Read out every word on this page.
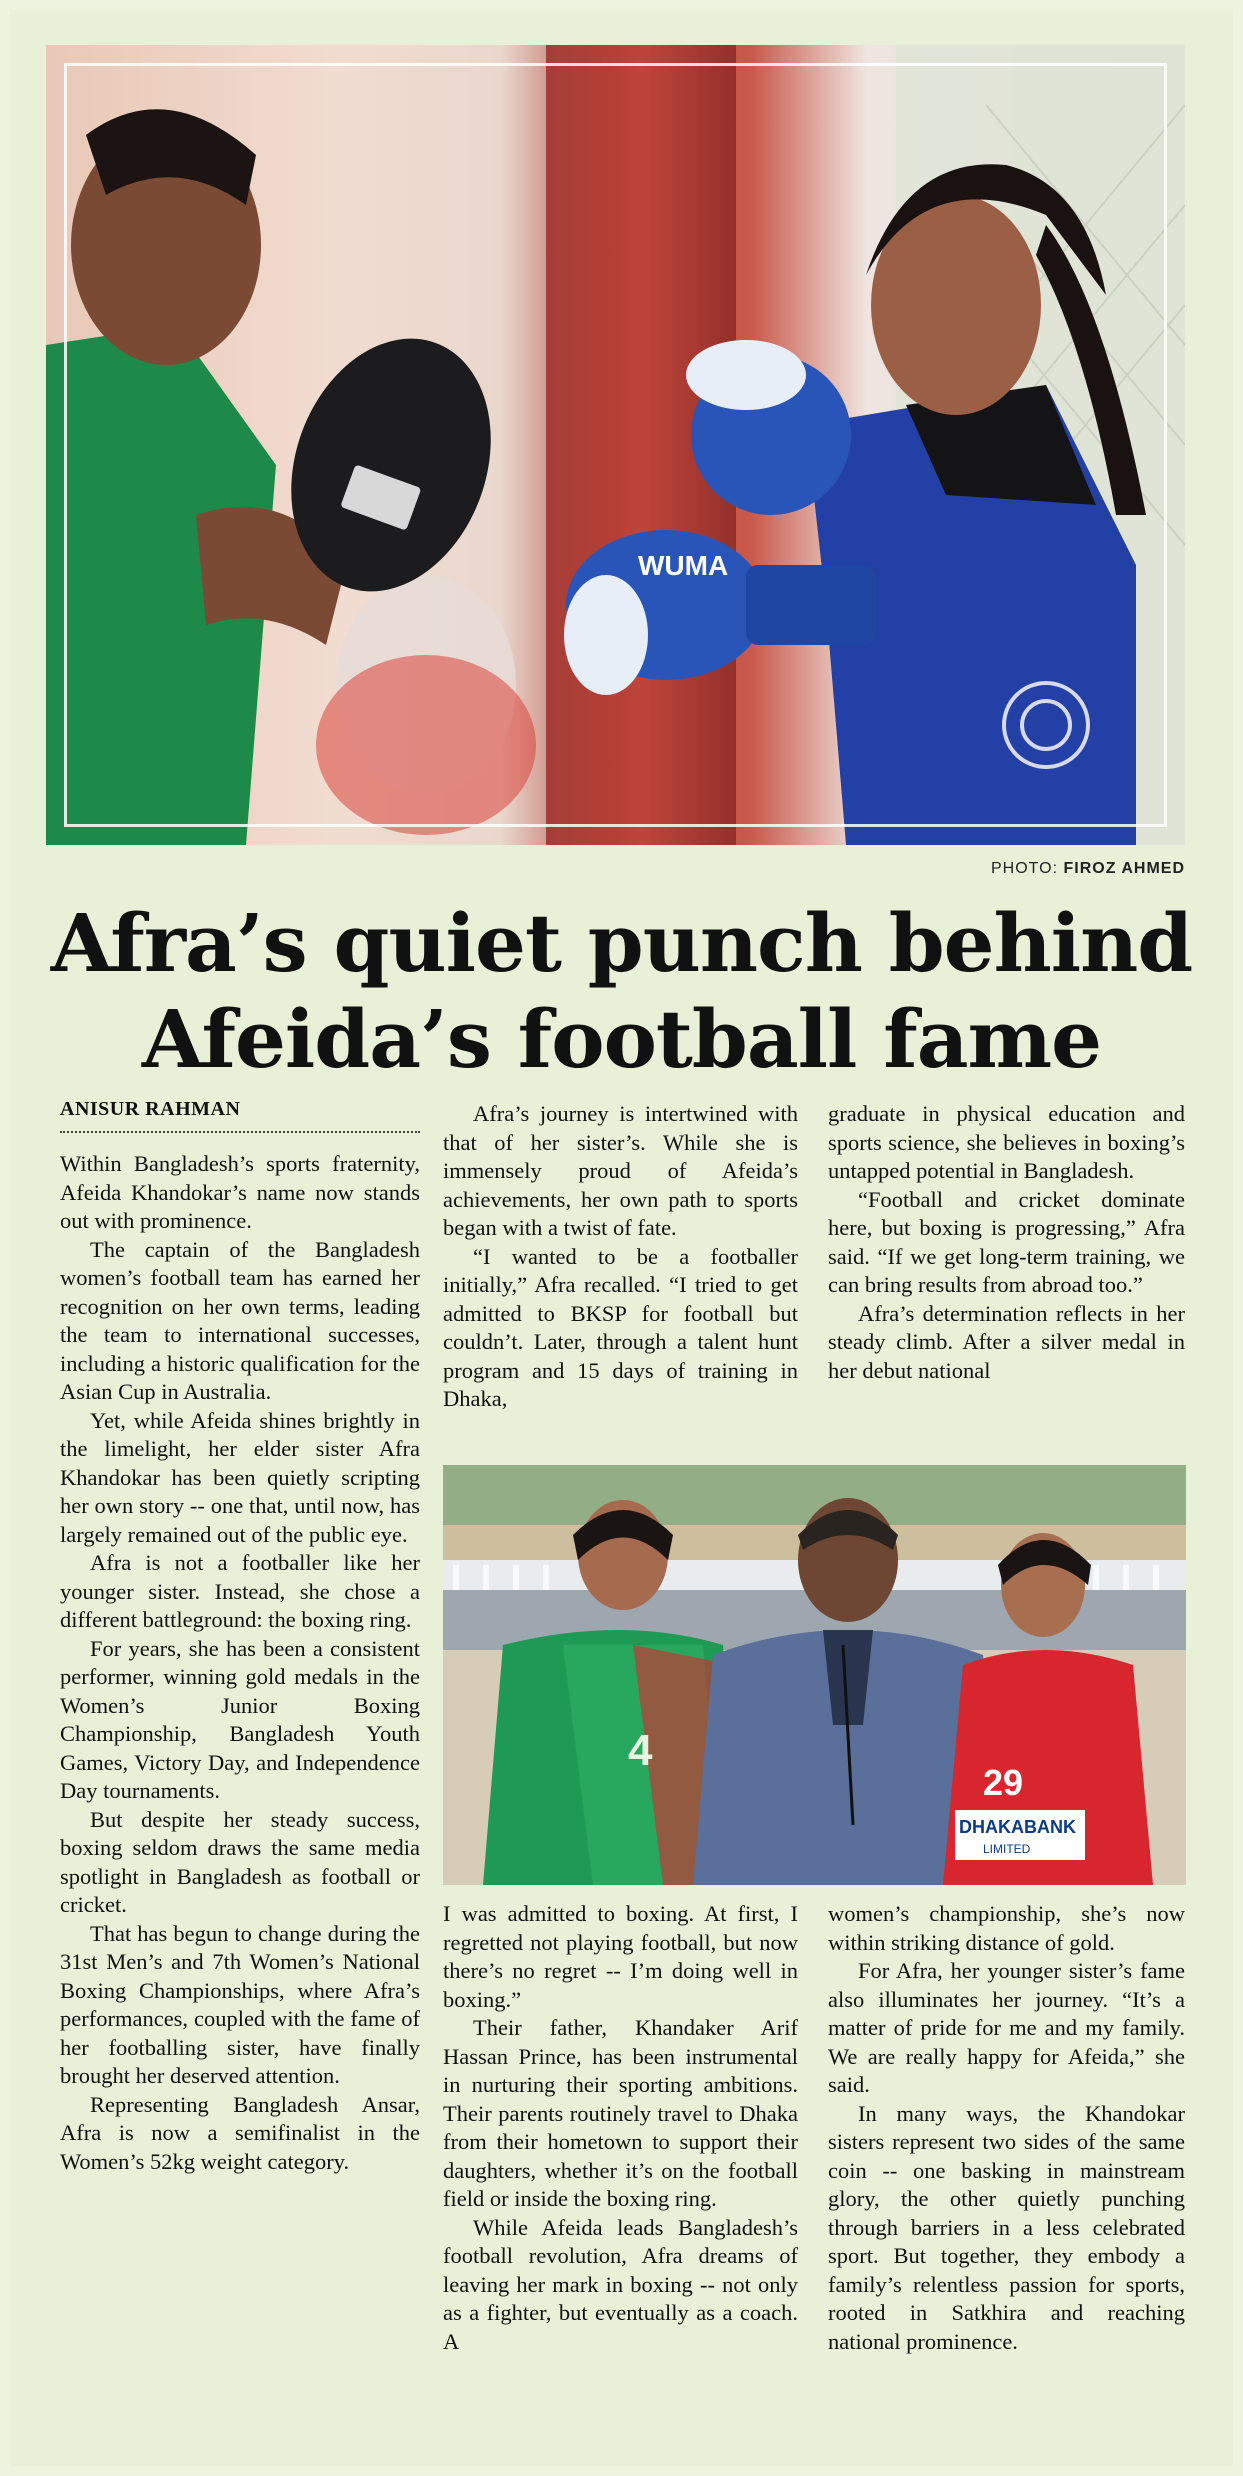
WUMA
PHOTO: FIROZ AHMED
Afra’s quiet punch behind
Afeida’s football fame
ANISUR RAHMAN

Within Bangladesh’s sports fraternity, Afeida Khandokar’s name now stands out with prominence.

The captain of the Bangladesh women’s football team has earned her recognition on her own terms, leading the team to international successes, including a historic qualification for the Asian Cup in Australia.

Yet, while Afeida shines brightly in the limelight, her elder sister Afra Khandokar has been quietly scripting her own story -- one that, until now, has largely remained out of the public eye.

Afra is not a footballer like her younger sister. Instead, she chose a different battleground: the boxing ring.

For years, she has been a consistent performer, winning gold medals in the Women’s Junior Boxing Championship, Bangladesh Youth Games, Victory Day, and Independence Day tournaments.

But despite her steady success, boxing seldom draws the same media spotlight in Bangladesh as football or cricket.

That has begun to change during the 31st Men’s and 7th Women’s National Boxing Championships, where Afra’s performances, coupled with the fame of her footballing sister, have finally brought her deserved attention.

Representing Bangladesh Ansar, Afra is now a semifinalist in the Women’s 52kg weight category.

Afra’s journey is intertwined with that of her sister’s. While she is immensely proud of Afeida’s achievements, her own path to sports began with a twist of fate.

“I wanted to be a footballer initially,” Afra recalled. “I tried to get admitted to BKSP for football but couldn’t. Later, through a talent hunt program and 15 days of training in Dhaka,

graduate in physical education and sports science, she believes in boxing’s untapped potential in Bangladesh.

“Football and cricket dominate here, but boxing is progressing,” Afra said. “If we get long-term training, we can bring results from abroad too.”

Afra’s determination reflects in her steady climb. After a silver medal in her debut national

4
29
DHAKABANK
LIMITED

I was admitted to boxing. At first, I regretted not playing football, but now there’s no regret -- I’m doing well in boxing.”

Their father, Khandaker Arif Hassan Prince, has been instrumental in nurturing their sporting ambitions. Their parents routinely travel to Dhaka from their hometown to support their daughters, whether it’s on the football field or inside the boxing ring.

While Afeida leads Bangladesh’s football revolution, Afra dreams of leaving her mark in boxing -- not only as a fighter, but eventually as a coach. A

women’s championship, she’s now within striking distance of gold.

For Afra, her younger sister’s fame also illuminates her journey. “It’s a matter of pride for me and my family. We are really happy for Afeida,” she said.

In many ways, the Khandokar sisters represent two sides of the same coin -- one basking in mainstream glory, the other quietly punching through barriers in a less celebrated sport. But together, they embody a family’s relentless passion for sports, rooted in Satkhira and reaching national prominence.
